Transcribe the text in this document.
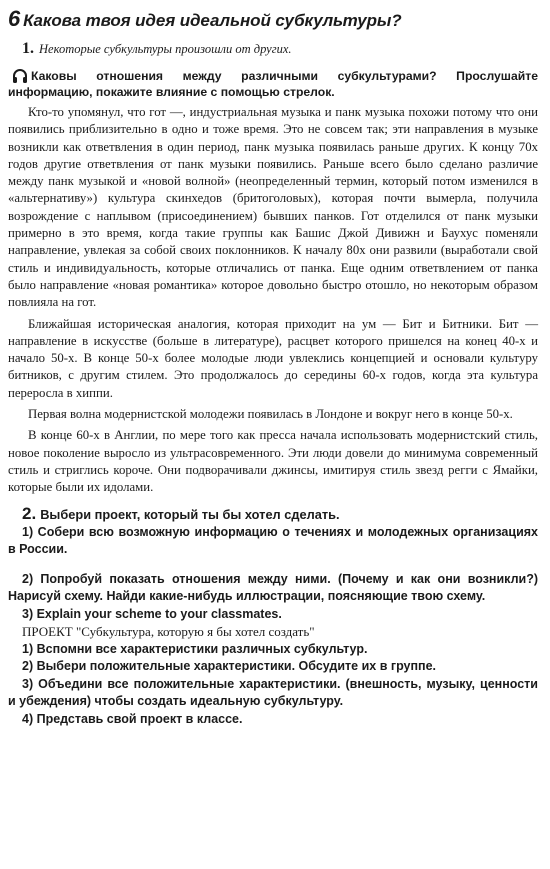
6 Какова твоя идея идеальной субкультуры?
1. Некоторые субкультуры произошли от других.

Каковы отношения между различными субкультурами? Прослушайте информацию, покажите влияние с помощью стрелок.

Кто-то упомянул, что гот —, индустриальная музыка и панк музыка похожи потому что они появились приблизительно в одно и тоже время. Это не совсем так; эти направления в музыке возникли как ответвления в один период, панк музыка появилась раньше других. К концу 70х годов другие ответвления от панк музыки появились. Раньше всего было сделано различие между панк музыкой и «новой волной» (неопределенный термин, который потом изменился в «альтернативу») культура скинхедов (бритоголовых), которая почти вымерла, получила возрождение с наплывом (присоединением) бывших панков. Гот отделился от панк музыки примерно в это время, когда такие группы как Башис Джой Дивижн и Баухус поменяли направление, увлекая за собой своих поклонников. К началу 80х они развили (выработали свой стиль и индивидуальность, которые отличались от панка. Еще одним ответвлением от панка было направление «новая романтика» которое довольно быстро отошло, но некоторым образом повлияла на гот.

Ближайшая историческая аналогия, которая приходит на ум — Бит и Битники. Бит — направление в искусстве (больше в литературе), расцвет которого пришелся на конец 40-х и начало 50-х. В конце 50-х более молодые люди увлеклись концепцией и основали культуру битников, с другим стилем. Это продолжалось до середины 60-х годов, когда эта культура переросла в хиппи.

Первая волна модернистской молодежи появилась в Лондоне и вокруг него в конце 50-х.

В конце 60-х в Англии, по мере того как пресса начала использовать модернистский стиль, новое поколение выросло из ультрасовременного. Эти люди довели до минимума современный стиль и стриглись короче. Они подворачивали джинсы, имитируя стиль звезд регги с Ямайки, которые были их идолами.

2. Выбери проект, который ты бы хотел сделать.

1) Собери всю возможную информацию о течениях и молодежных организациях в России.

2) Попробуй показать отношения между ними. (Почему и как они возникли?) Нарисуй схему. Найди какие-нибудь иллюстрации, поясняющие твою схему.

3) Explain your scheme to your classmates.

ПРОЕКТ "Субкультура, которую я бы хотел создать"

1) Вспомни все характеристики различных субкультур.

2) Выбери положительные характеристики. Обсудите их в группе.

3) Объедини все положительные характеристики. (внешность, музыку, ценности и убеждения) чтобы создать идеальную субкультуру.

4) Представь свой проект в классе.
